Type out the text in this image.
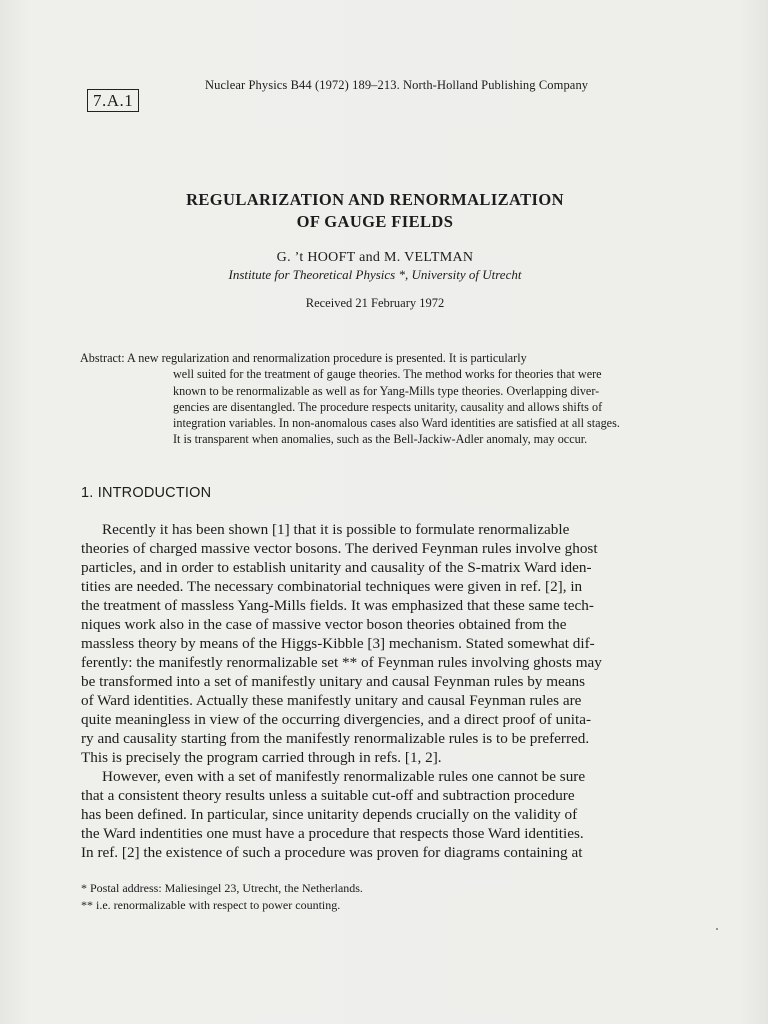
7.A.1
Nuclear Physics B44 (1972) 189–213. North-Holland Publishing Company
REGULARIZATION AND RENORMALIZATION
OF GAUGE FIELDS
G. ’t HOOFT and M. VELTMAN
Institute for Theoretical Physics *, University of Utrecht
Received 21 February 1972
Abstract: A new regularization and renormalization procedure is presented. It is particularly
well suited for the treatment of gauge theories. The method works for theories that were
known to be renormalizable as well as for Yang-Mills type theories. Overlapping diver-
gencies are disentangled. The procedure respects unitarity, causality and allows shifts of
integration variables. In non-anomalous cases also Ward identities are satisfied at all stages.
It is transparent when anomalies, such as the Bell-Jackiw-Adler anomaly, may occur.
1. INTRODUCTION
Recently it has been shown [1] that it is possible to formulate renormalizable
theories of charged massive vector bosons. The derived Feynman rules involve ghost
particles, and in order to establish unitarity and causality of the S-matrix Ward iden-
tities are needed. The necessary combinatorial techniques were given in ref. [2], in
the treatment of massless Yang-Mills fields. It was emphasized that these same tech-
niques work also in the case of massive vector boson theories obtained from the
massless theory by means of the Higgs-Kibble [3] mechanism. Stated somewhat dif-
ferently: the manifestly renormalizable set ** of Feynman rules involving ghosts may
be transformed into a set of manifestly unitary and causal Feynman rules by means
of Ward identities. Actually these manifestly unitary and causal Feynman rules are
quite meaningless in view of the occurring divergencies, and a direct proof of unita-
ry and causality starting from the manifestly renormalizable rules is to be preferred.
This is precisely the program carried through in refs. [1, 2].
However, even with a set of manifestly renormalizable rules one cannot be sure
that a consistent theory results unless a suitable cut-off and subtraction procedure
has been defined. In particular, since unitarity depends crucially on the validity of
the Ward indentities one must have a procedure that respects those Ward identities.
In ref. [2] the existence of such a procedure was proven for diagrams containing at
* Postal address: Maliesingel 23, Utrecht, the Netherlands.
** i.e. renormalizable with respect to power counting.
